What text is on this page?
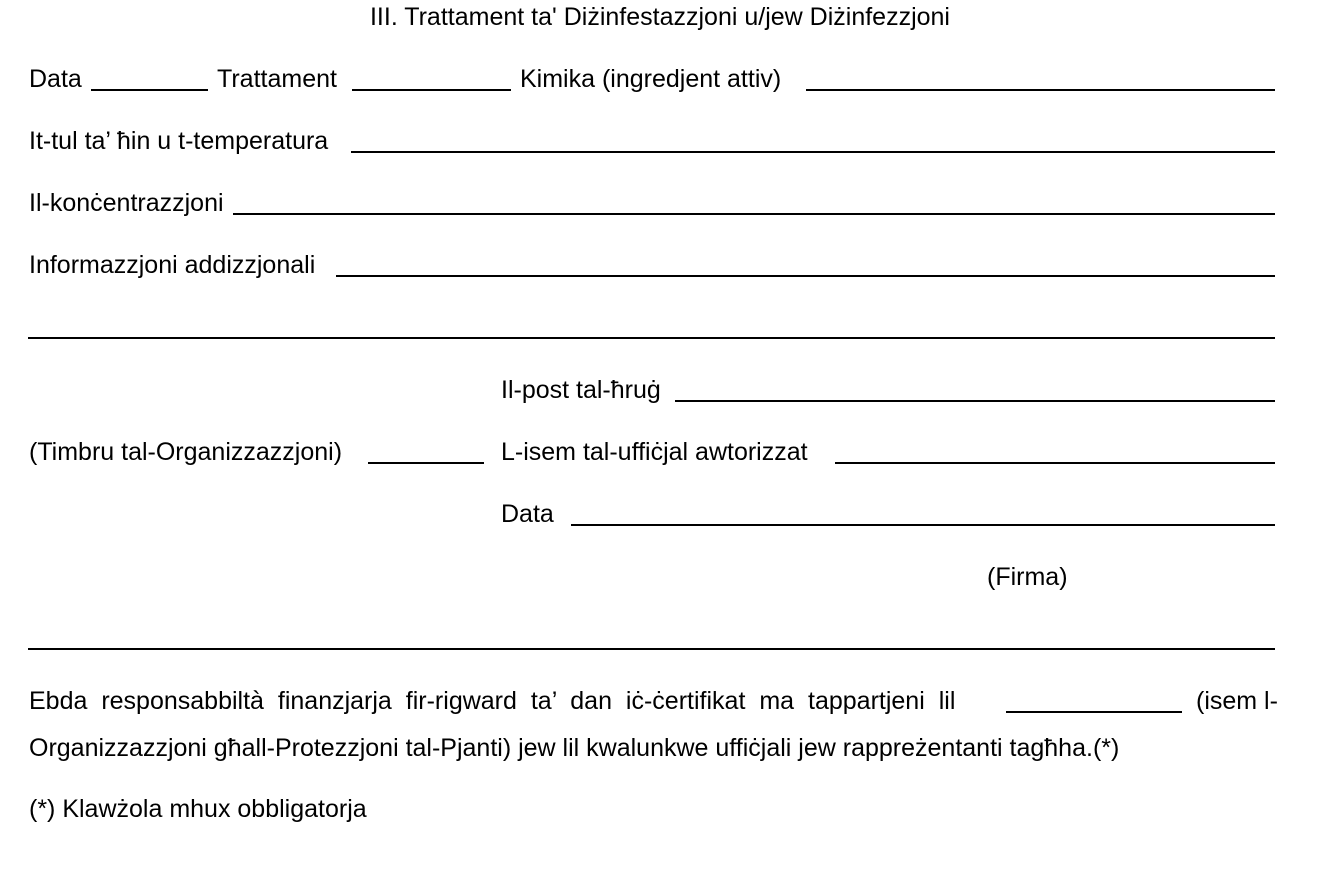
III. Trattament ta' Diżinfestazzjoni u/jew Diżinfezzjoni
Data	Trattament	Kimika (ingredjent attiv)
It-tul ta’ ħin u t-temperatura
Il-konċentrazzjoni
Informazzjoni addizzjonali
Il-post tal-ħruġ
(Timbru tal-Organizzazzjoni)	L-isem tal-uffiċjal awtorizzat
Data
(Firma)
Ebda responsabbiltà finanzjarja fir-rigward ta’ dan iċ-ċertifikat ma tappartjeni lil	(isem l-
Organizzazzjoni għall-Protezzjoni tal-Pjanti) jew lil kwalunkwe uffiċjali jew rappreżentanti tagħha.(*)
(*) Klawżola mhux obbligatorja
